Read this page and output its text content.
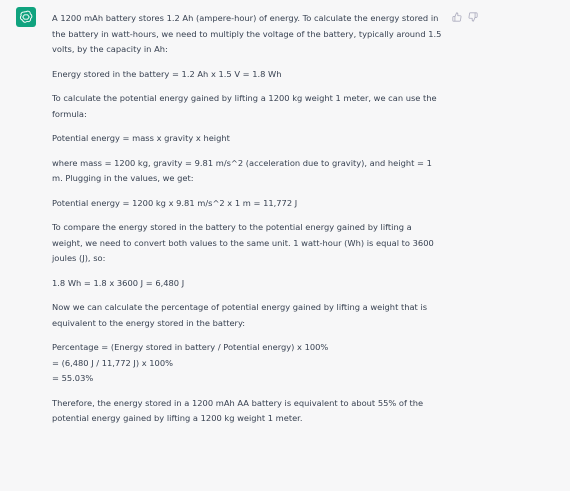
A 1200 mAh battery stores 1.2 Ah (ampere-hour) of energy. To calculate the energy stored in the battery in watt-hours, we need to multiply the voltage of the battery, typically around 1.5 volts, by the capacity in Ah:

Energy stored in the battery = 1.2 Ah x 1.5 V = 1.8 Wh

To calculate the potential energy gained by lifting a 1200 kg weight 1 meter, we can use the formula:

Potential energy = mass x gravity x height

where mass = 1200 kg, gravity = 9.81 m/s^2 (acceleration due to gravity), and height = 1 m. Plugging in the values, we get:

Potential energy = 1200 kg x 9.81 m/s^2 x 1 m = 11,772 J

To compare the energy stored in the battery to the potential energy gained by lifting a weight, we need to convert both values to the same unit. 1 watt-hour (Wh) is equal to 3600 joules (J), so:

1.8 Wh = 1.8 x 3600 J = 6,480 J

Now we can calculate the percentage of potential energy gained by lifting a weight that is equivalent to the energy stored in the battery:

Percentage = (Energy stored in battery / Potential energy) x 100%
= (6,480 J / 11,772 J) x 100%
= 55.03%

Therefore, the energy stored in a 1200 mAh AA battery is equivalent to about 55% of the potential energy gained by lifting a 1200 kg weight 1 meter.
